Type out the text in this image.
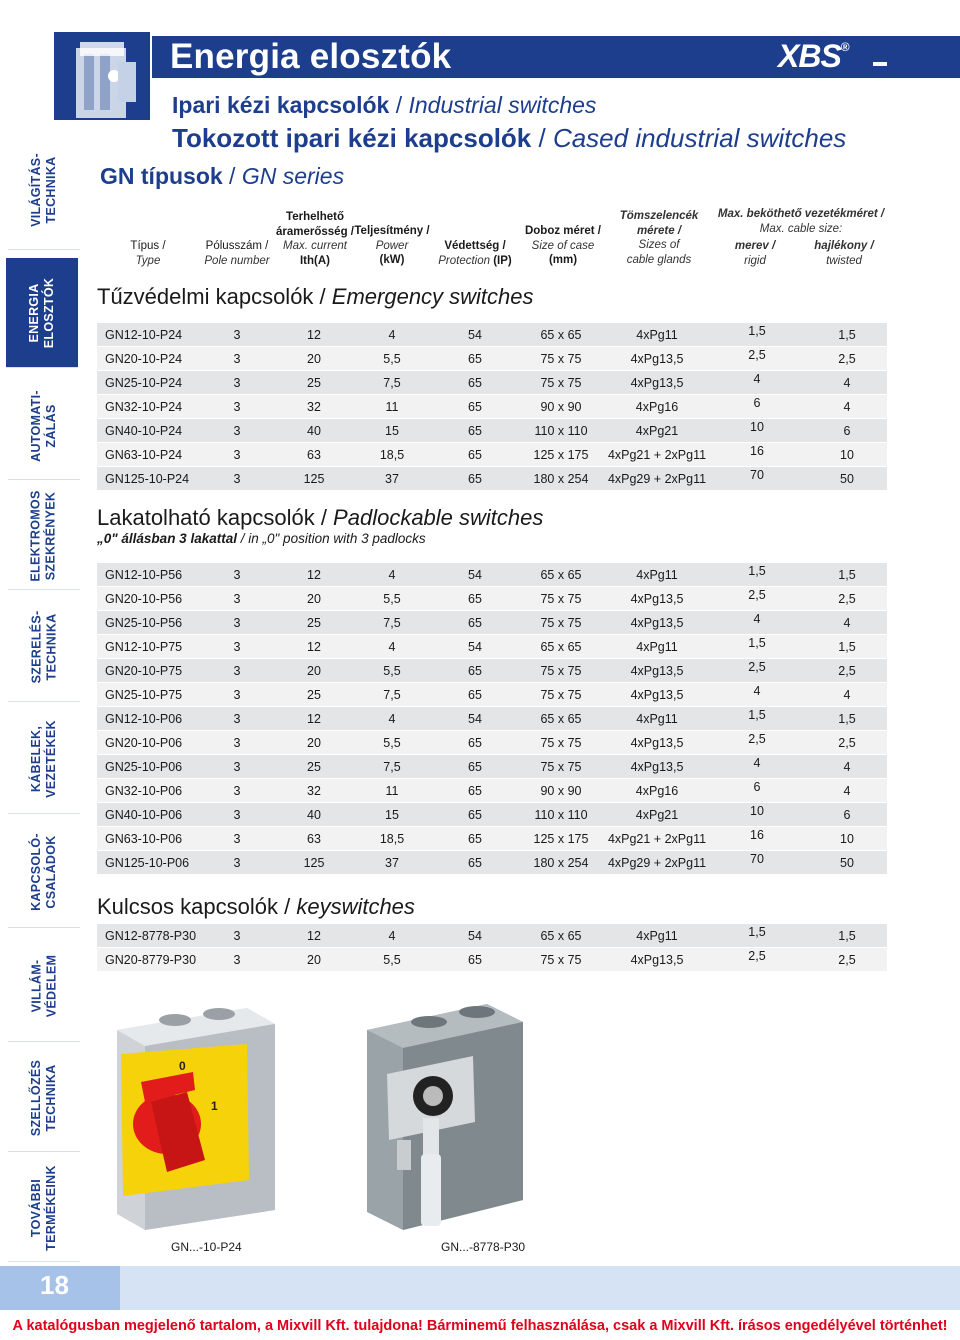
VILÁGÍTÁS-
TECHNIKA
ENERGIA
ELOSZTÓK
AUTOMATI-
ZÁLÁS
ELEKTROMOS
SZEKRÉNYEK
SZERELÉS-
TECHNIKA
KÁBELEK,
VEZETÉKEK
KAPCSOLÓ-
CSALÁDOK
VILLÁM-
VÉDELEM
SZELLŐZÉS
TECHNIKA
TOVÁBBI
TERMÉKEINK
Energia elosztók	XBS®
Ipari kézi kapcsolók / Industrial switches
Tokozott ipari kézi kapcsolók / Cased industrial switches
GN típusok / GN series
Típus /
Type
Pólusszám /
Pole number
Terhelhető
áramerősség /
Max. current
Ith(A)
Teljesítmény /
Power
(kW)
Védettség /
Protection (IP)
Doboz méret /
Size of case
(mm)
Tömszelencék
mérete /
Sizes of
cable glands
Max. beköthető vezetékméret /
Max. cable size:
merev /
rigid
hajlékony /
twisted
Tűzvédelmi kapcsolók / Emergency switches
GN12-10-P24	3	12	4	54	65 x 65	4xPg11	1,5	1,5
GN20-10-P24	3	20	5,5	65	75 x 75	4xPg13,5	2,5	2,5
GN25-10-P24	3	25	7,5	65	75 x 75	4xPg13,5	4	4
GN32-10-P24	3	32	11	65	90 x 90	4xPg16	6	4
GN40-10-P24	3	40	15	65	110 x 110	4xPg21	10	6
GN63-10-P24	3	63	18,5	65	125 x 175	4xPg21 + 2xPg11	16	10
GN125-10-P24	3	125	37	65	180 x 254	4xPg29 + 2xPg11	70	50
Lakatolható kapcsolók / Padlockable switches
„0" állásban 3 lakattal / in „0" position with 3 padlocks
GN12-10-P56	3	12	4	54	65 x 65	4xPg11	1,5	1,5
GN20-10-P56	3	20	5,5	65	75 x 75	4xPg13,5	2,5	2,5
GN25-10-P56	3	25	7,5	65	75 x 75	4xPg13,5	4	4
GN12-10-P75	3	12	4	54	65 x 65	4xPg11	1,5	1,5
GN20-10-P75	3	20	5,5	65	75 x 75	4xPg13,5	2,5	2,5
GN25-10-P75	3	25	7,5	65	75 x 75	4xPg13,5	4	4
GN12-10-P06	3	12	4	54	65 x 65	4xPg11	1,5	1,5
GN20-10-P06	3	20	5,5	65	75 x 75	4xPg13,5	2,5	2,5
GN25-10-P06	3	25	7,5	65	75 x 75	4xPg13,5	4	4
GN32-10-P06	3	32	11	65	90 x 90	4xPg16	6	4
GN40-10-P06	3	40	15	65	110 x 110	4xPg21	10	6
GN63-10-P06	3	63	18,5	65	125 x 175	4xPg21 + 2xPg11	16	10
GN125-10-P06	3	125	37	65	180 x 254	4xPg29 + 2xPg11	70	50
Kulcsos kapcsolók / keyswitches
GN12-8778-P30	3	12	4	54	65 x 65	4xPg11	1,5	1,5
GN20-8779-P30	3	20	5,5	65	75 x 75	4xPg13,5	2,5	2,5
0
1
GN...-10-P24	GN...-8778-P30
18
A katalógusban megjelenő tartalom, a Mixvill Kft. tulajdona! Bárminemű felhasználása, csak a Mixvill Kft. írásos engedélyével történhet!
